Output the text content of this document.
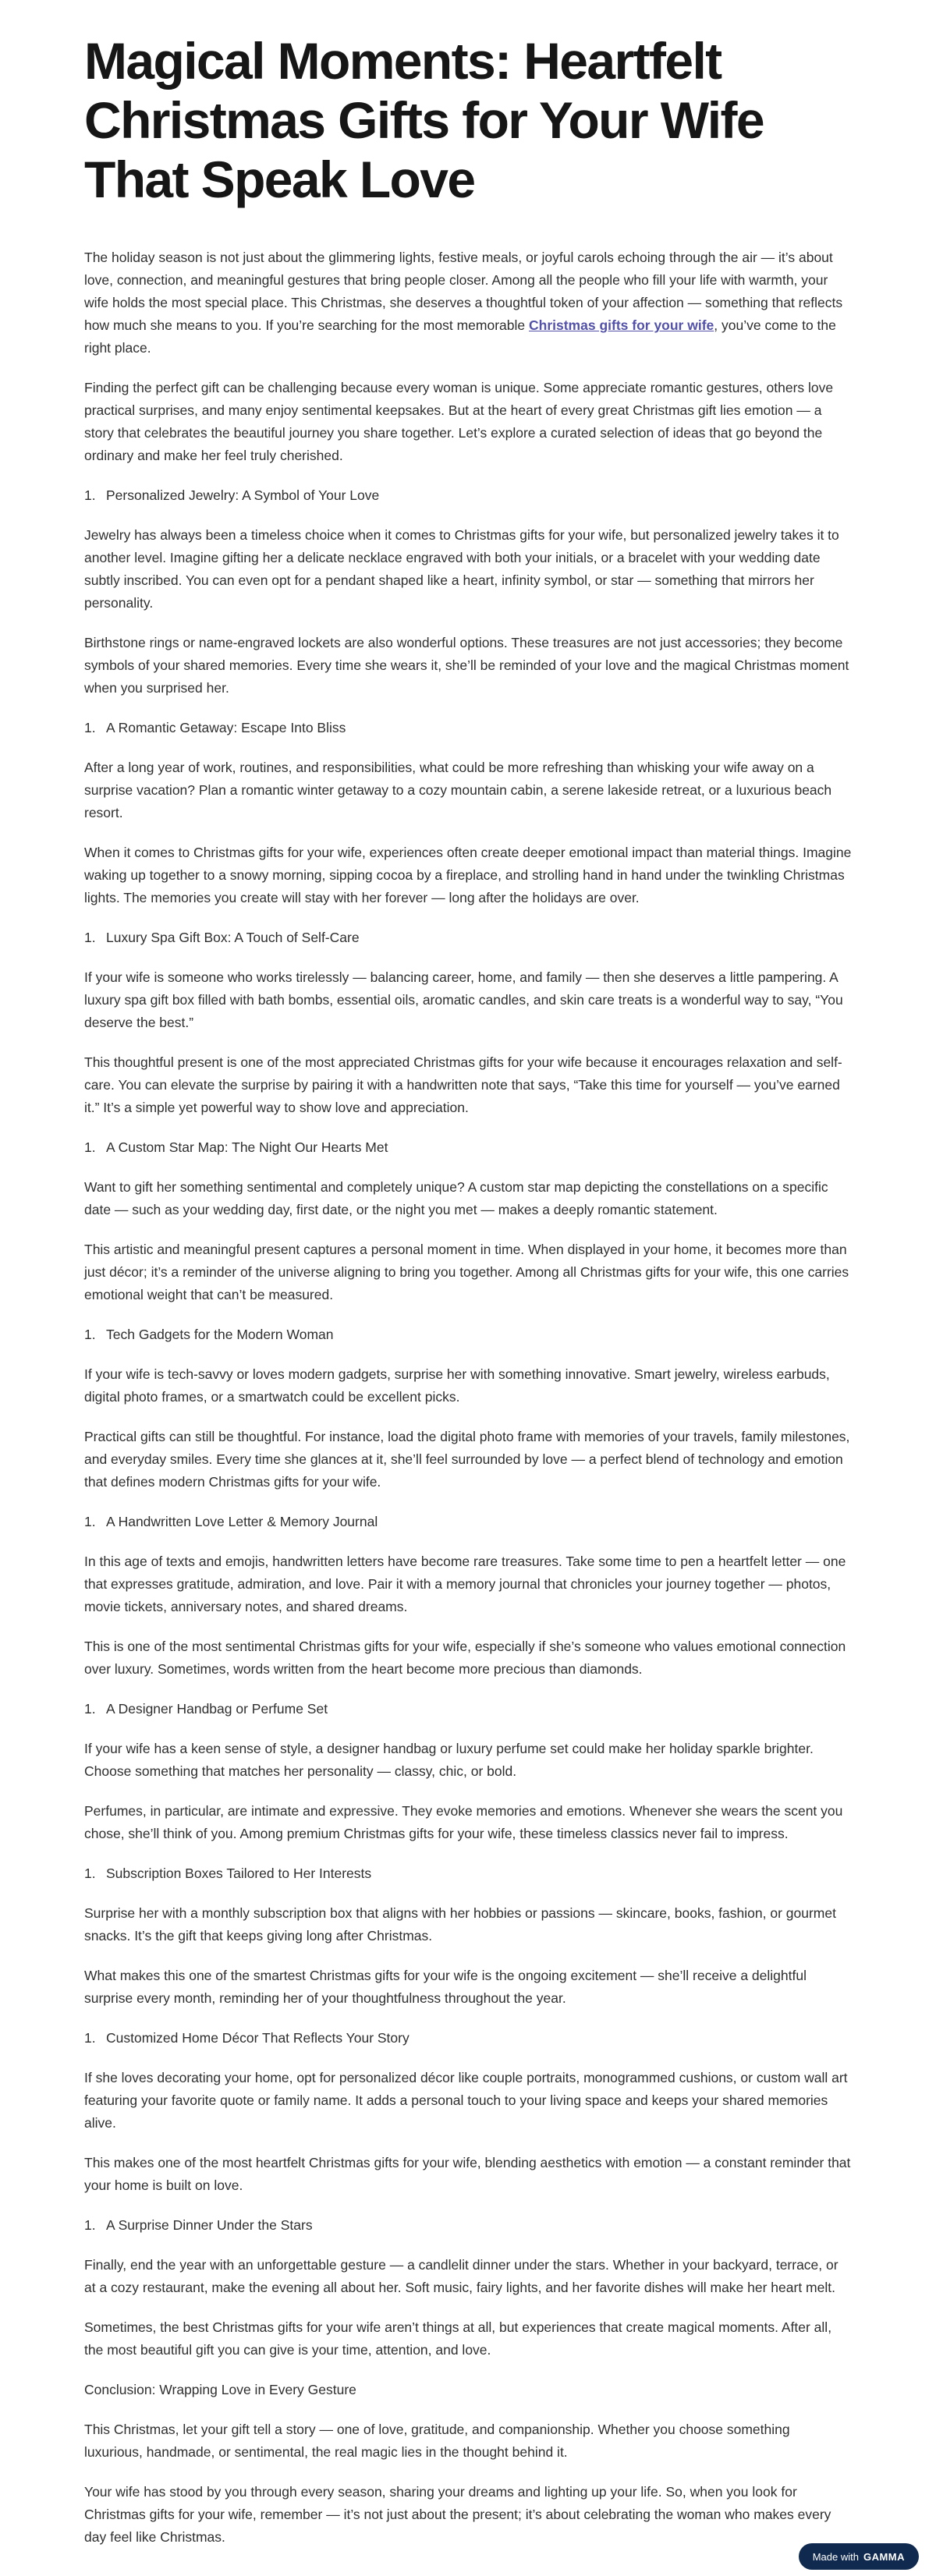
Magical Moments: Heartfelt Christmas Gifts for Your Wife That Speak Love

The holiday season is not just about the glimmering lights, festive meals, or joyful carols echoing through the air — it’s about love, connection, and meaningful gestures that bring people closer. Among all the people who fill your life with warmth, your wife holds the most special place. This Christmas, she deserves a thoughtful token of your affection — something that reflects how much she means to you. If you’re searching for the most memorable Christmas gifts for your wife, you’ve come to the right place.

Finding the perfect gift can be challenging because every woman is unique. Some appreciate romantic gestures, others love practical surprises, and many enjoy sentimental keepsakes. But at the heart of every great Christmas gift lies emotion — a story that celebrates the beautiful journey you share together. Let’s explore a curated selection of ideas that go beyond the ordinary and make her feel truly cherished.

1. Personalized Jewelry: A Symbol of Your Love

Jewelry has always been a timeless choice when it comes to Christmas gifts for your wife, but personalized jewelry takes it to another level. Imagine gifting her a delicate necklace engraved with both your initials, or a bracelet with your wedding date subtly inscribed. You can even opt for a pendant shaped like a heart, infinity symbol, or star — something that mirrors her personality.

Birthstone rings or name-engraved lockets are also wonderful options. These treasures are not just accessories; they become symbols of your shared memories. Every time she wears it, she’ll be reminded of your love and the magical Christmas moment when you surprised her.

1. A Romantic Getaway: Escape Into Bliss

After a long year of work, routines, and responsibilities, what could be more refreshing than whisking your wife away on a surprise vacation? Plan a romantic winter getaway to a cozy mountain cabin, a serene lakeside retreat, or a luxurious beach resort.

When it comes to Christmas gifts for your wife, experiences often create deeper emotional impact than material things. Imagine waking up together to a snowy morning, sipping cocoa by a fireplace, and strolling hand in hand under the twinkling Christmas lights. The memories you create will stay with her forever — long after the holidays are over.

1. Luxury Spa Gift Box: A Touch of Self-Care

If your wife is someone who works tirelessly — balancing career, home, and family — then she deserves a little pampering. A luxury spa gift box filled with bath bombs, essential oils, aromatic candles, and skin care treats is a wonderful way to say, “You deserve the best.”

This thoughtful present is one of the most appreciated Christmas gifts for your wife because it encourages relaxation and self-care. You can elevate the surprise by pairing it with a handwritten note that says, “Take this time for yourself — you’ve earned it.” It’s a simple yet powerful way to show love and appreciation.

1. A Custom Star Map: The Night Our Hearts Met

Want to gift her something sentimental and completely unique? A custom star map depicting the constellations on a specific date — such as your wedding day, first date, or the night you met — makes a deeply romantic statement.

This artistic and meaningful present captures a personal moment in time. When displayed in your home, it becomes more than just décor; it’s a reminder of the universe aligning to bring you together. Among all Christmas gifts for your wife, this one carries emotional weight that can’t be measured.

1. Tech Gadgets for the Modern Woman

If your wife is tech-savvy or loves modern gadgets, surprise her with something innovative. Smart jewelry, wireless earbuds, digital photo frames, or a smartwatch could be excellent picks.

Practical gifts can still be thoughtful. For instance, load the digital photo frame with memories of your travels, family milestones, and everyday smiles. Every time she glances at it, she’ll feel surrounded by love — a perfect blend of technology and emotion that defines modern Christmas gifts for your wife.

1. A Handwritten Love Letter & Memory Journal

In this age of texts and emojis, handwritten letters have become rare treasures. Take some time to pen a heartfelt letter — one that expresses gratitude, admiration, and love. Pair it with a memory journal that chronicles your journey together — photos, movie tickets, anniversary notes, and shared dreams.

This is one of the most sentimental Christmas gifts for your wife, especially if she’s someone who values emotional connection over luxury. Sometimes, words written from the heart become more precious than diamonds.

1. A Designer Handbag or Perfume Set

If your wife has a keen sense of style, a designer handbag or luxury perfume set could make her holiday sparkle brighter. Choose something that matches her personality — classy, chic, or bold.

Perfumes, in particular, are intimate and expressive. They evoke memories and emotions. Whenever she wears the scent you chose, she’ll think of you. Among premium Christmas gifts for your wife, these timeless classics never fail to impress.

1. Subscription Boxes Tailored to Her Interests

Surprise her with a monthly subscription box that aligns with her hobbies or passions — skincare, books, fashion, or gourmet snacks. It’s the gift that keeps giving long after Christmas.

What makes this one of the smartest Christmas gifts for your wife is the ongoing excitement — she’ll receive a delightful surprise every month, reminding her of your thoughtfulness throughout the year.

1. Customized Home Décor That Reflects Your Story

If she loves decorating your home, opt for personalized décor like couple portraits, monogrammed cushions, or custom wall art featuring your favorite quote or family name. It adds a personal touch to your living space and keeps your shared memories alive.

This makes one of the most heartfelt Christmas gifts for your wife, blending aesthetics with emotion — a constant reminder that your home is built on love.

1. A Surprise Dinner Under the Stars

Finally, end the year with an unforgettable gesture — a candlelit dinner under the stars. Whether in your backyard, terrace, or at a cozy restaurant, make the evening all about her. Soft music, fairy lights, and her favorite dishes will make her heart melt.

Sometimes, the best Christmas gifts for your wife aren’t things at all, but experiences that create magical moments. After all, the most beautiful gift you can give is your time, attention, and love.

Conclusion: Wrapping Love in Every Gesture

This Christmas, let your gift tell a story — one of love, gratitude, and companionship. Whether you choose something luxurious, handmade, or sentimental, the real magic lies in the thought behind it.

Your wife has stood by you through every season, sharing your dreams and lighting up your life. So, when you look for Christmas gifts for your wife, remember — it’s not just about the present; it’s about celebrating the woman who makes every day feel like Christmas.

Made with GAMMA
